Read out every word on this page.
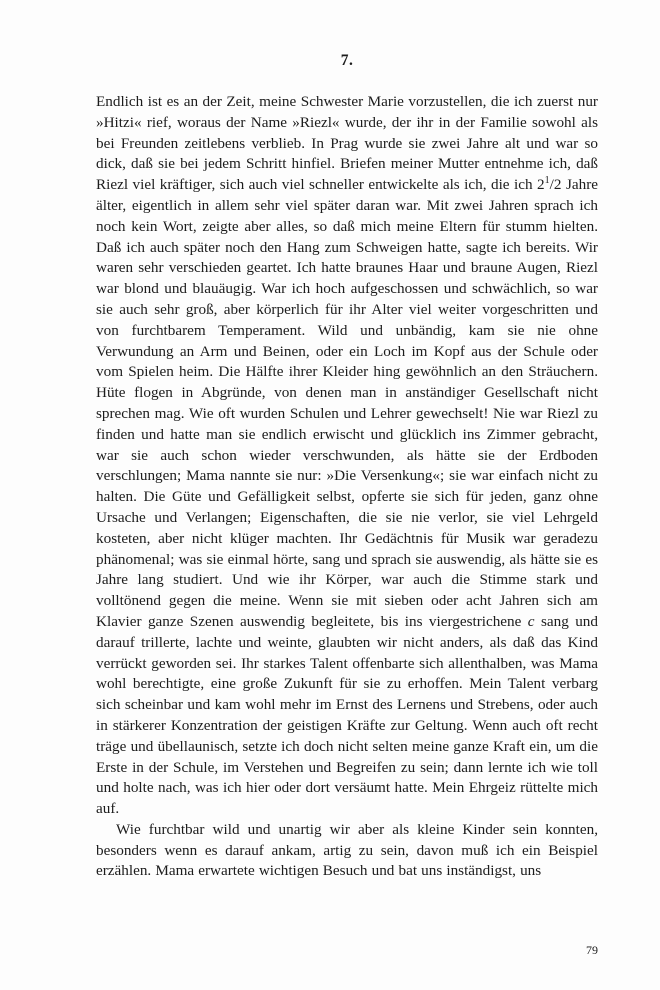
7.

Endlich ist es an der Zeit, meine Schwester Marie vorzustellen, die ich zuerst nur »Hitzi« rief, woraus der Name »Riezl« wurde, der ihr in der Familie sowohl als bei Freunden zeitlebens verblieb. In Prag wurde sie zwei Jahre alt und war so dick, daß sie bei jedem Schritt hinfiel. Briefen meiner Mutter entnehme ich, daß Riezl viel kräftiger, sich auch viel schneller entwickelte als ich, die ich $2^1/2$ Jahre älter, eigentlich in allem sehr viel später daran war. Mit zwei Jahren sprach ich noch kein Wort, zeigte aber alles, so daß mich meine Eltern für stumm hielten. Daß ich auch später noch den Hang zum Schweigen hatte, sagte ich bereits. Wir waren sehr verschieden geartet. Ich hatte braunes Haar und braune Augen, Riezl war blond und blauäugig. War ich hoch aufgeschossen und schwächlich, so war sie auch sehr groß, aber körperlich für ihr Alter viel weiter vorgeschritten und von furchtbarem Temperament. Wild und unbändig, kam sie nie ohne Verwundung an Arm und Beinen, oder ein Loch im Kopf aus der Schule oder vom Spielen heim. Die Hälfte ihrer Kleider hing gewöhnlich an den Sträuchern. Hüte flogen in Abgründe, von denen man in anständiger Gesellschaft nicht sprechen mag. Wie oft wurden Schulen und Lehrer gewechselt! Nie war Riezl zu finden und hatte man sie endlich erwischt und glücklich ins Zimmer gebracht, war sie auch schon wieder verschwunden, als hätte sie der Erdboden verschlungen; Mama nannte sie nur: »Die Versenkung«; sie war einfach nicht zu halten. Die Güte und Gefälligkeit selbst, opferte sie sich für jeden, ganz ohne Ursache und Verlangen; Eigenschaften, die sie nie verlor, sie viel Lehrgeld kosteten, aber nicht klüger machten. Ihr Gedächtnis für Musik war geradezu phänomenal; was sie einmal hörte, sang und sprach sie auswendig, als hätte sie es Jahre lang studiert. Und wie ihr Körper, war auch die Stimme stark und volltönend gegen die meine. Wenn sie mit sieben oder acht Jahren sich am Klavier ganze Szenen auswendig begleitete, bis ins viergestrichene c sang und darauf trillerte, lachte und weinte, glaubten wir nicht anders, als daß das Kind verrückt geworden sei. Ihr starkes Talent offenbarte sich allenthalben, was Mama wohl berechtigte, eine große Zukunft für sie zu erhoffen. Mein Talent verbarg sich scheinbar und kam wohl mehr im Ernst des Lernens und Strebens, oder auch in stärkerer Konzentration der geistigen Kräfte zur Geltung. Wenn auch oft recht träge und übellaunisch, setzte ich doch nicht selten meine ganze Kraft ein, um die Erste in der Schule, im Verstehen und Begreifen zu sein; dann lernte ich wie toll und holte nach, was ich hier oder dort versäumt hatte. Mein Ehrgeiz rüttelte mich auf.

Wie furchtbar wild und unartig wir aber als kleine Kinder sein konnten, besonders wenn es darauf ankam, artig zu sein, davon muß ich ein Beispiel erzählen. Mama erwartete wichtigen Besuch und bat uns inständigst, uns

79
